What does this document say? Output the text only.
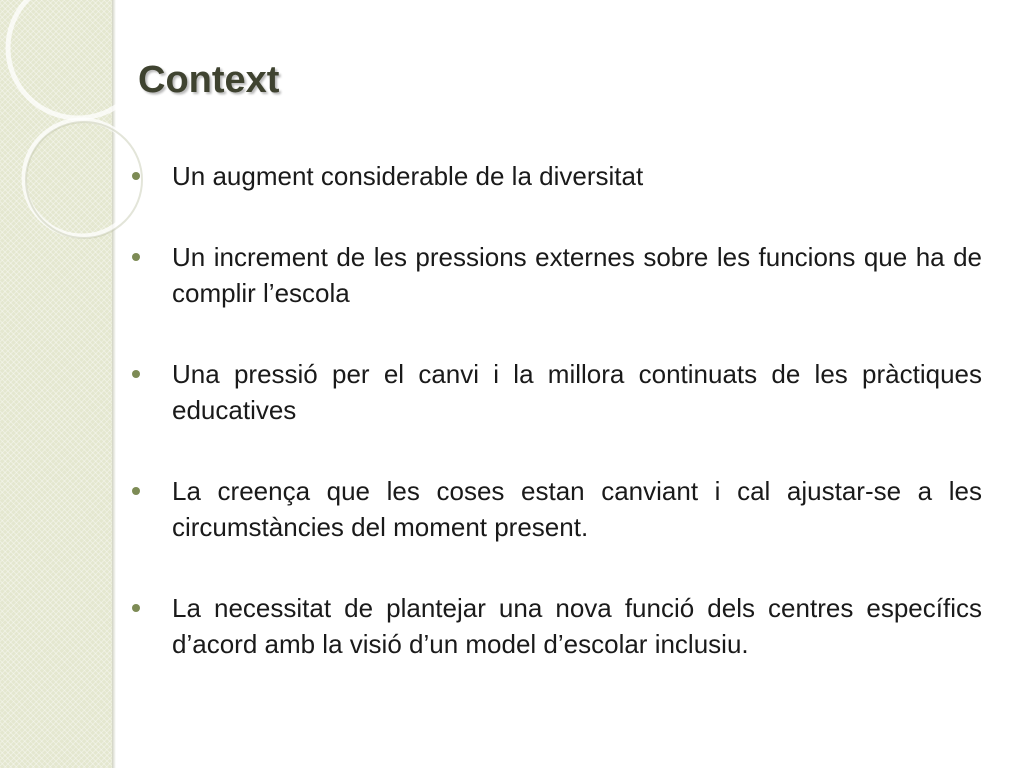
Context
Un augment considerable de la diversitat
Un increment de les pressions externes sobre les funcions que ha de complir l’escola
Una pressió per el canvi i la millora continuats de les pràctiques educatives
La creença que les coses estan canviant i cal ajustar-se a les circumstàncies del moment present.
La necessitat de plantejar una nova funció dels centres específics d’acord amb la visió d’un model d’escolar inclusiu.
